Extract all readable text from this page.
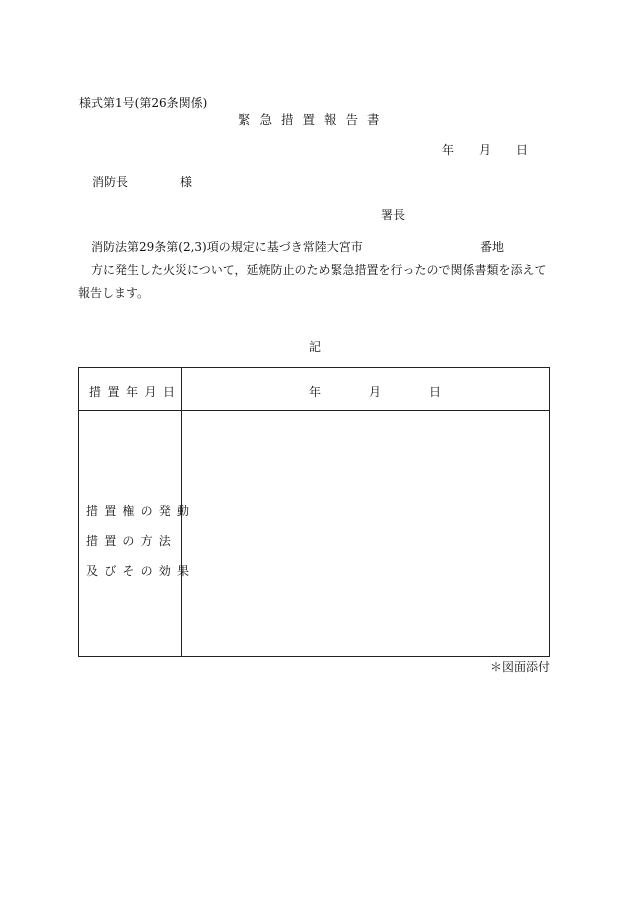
様式第1号(第26条関係)
緊急措置報告書
年 月 日
消防長	様
署長
消防法第29条第(2,3)項の規定に基づき常陸大宮市	番地
方に発生した火災について，延焼防止のため緊急措置を行ったので関係書類を添えて
報告します。
記
措置年月日	年	月	日
措置権の発動
措置の方法
及びその効果
＊図面添付
